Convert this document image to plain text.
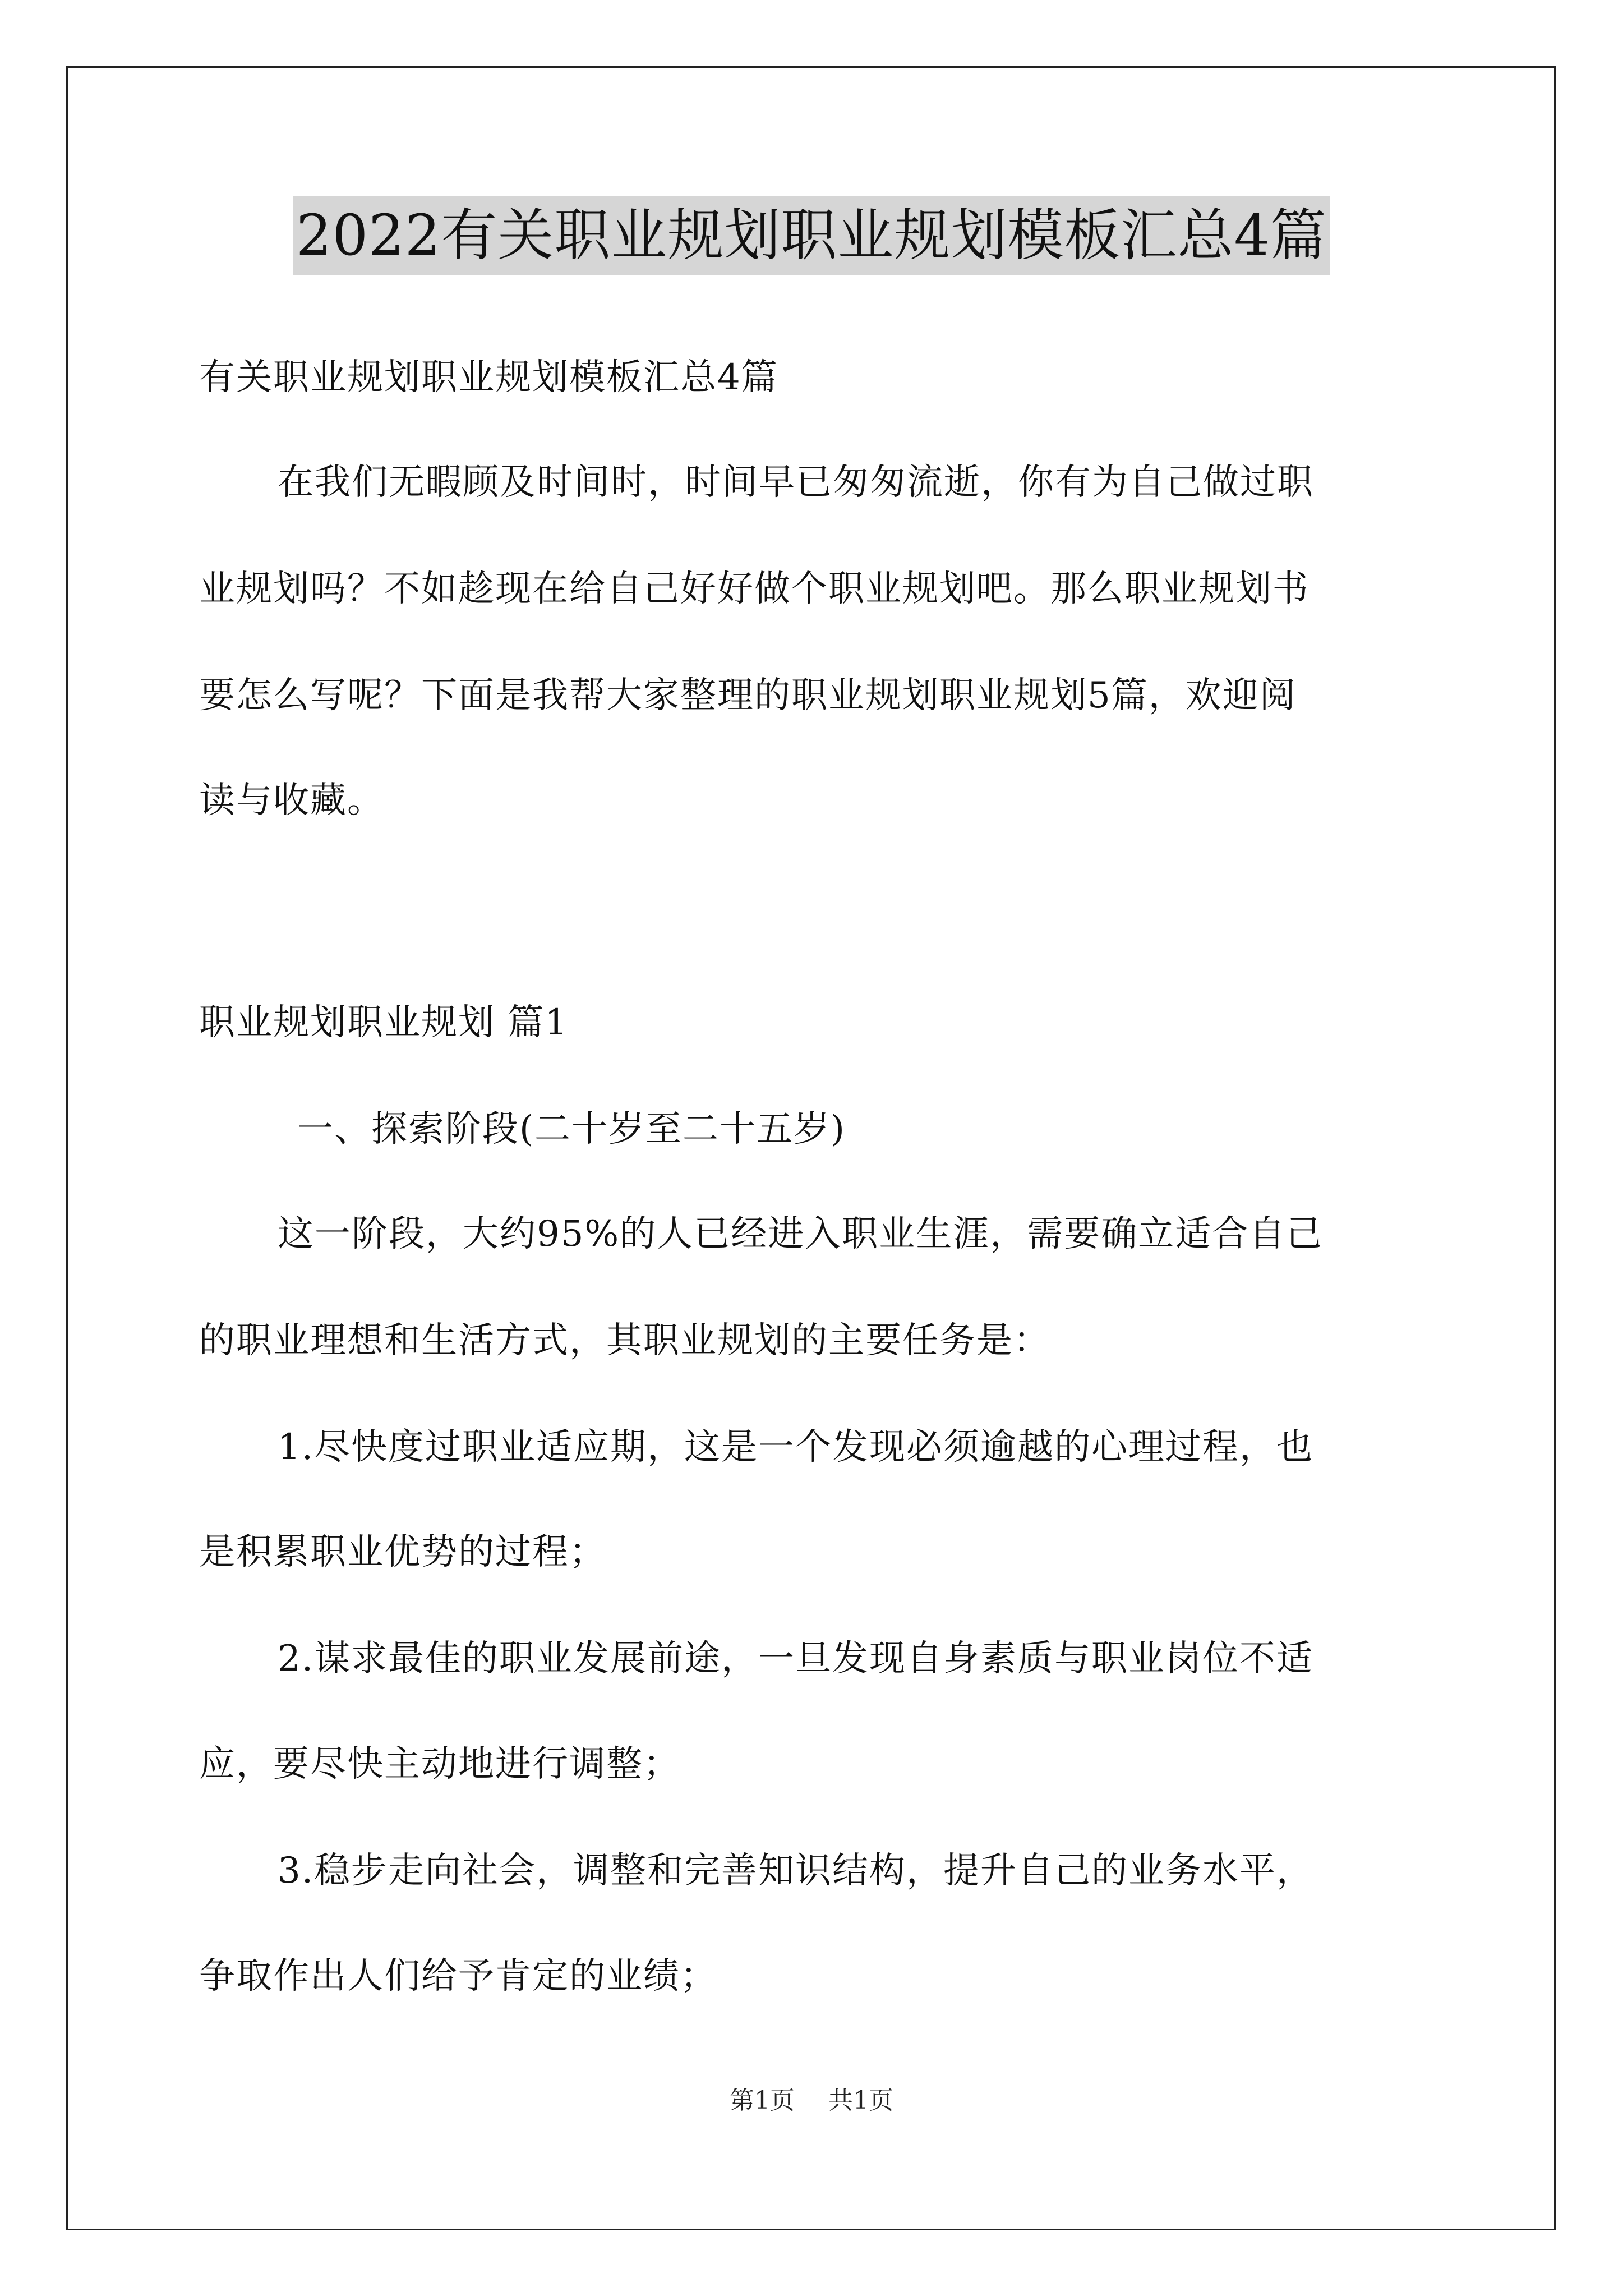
2022有关职业规划职业规划模板汇总4篇
有关职业规划职业规划模板汇总4篇
在我们无暇顾及时间时，时间早已匆匆流逝，你有为自己做过职
业规划吗？不如趁现在给自己好好做个职业规划吧。那么职业规划书
要怎么写呢？下面是我帮大家整理的职业规划职业规划5篇，欢迎阅
读与收藏。
职业规划职业规划 篇1
一、探索阶段(二十岁至二十五岁)
这一阶段，大约95%的人已经进入职业生涯，需要确立适合自己
的职业理想和生活方式，其职业规划的主要任务是：
1.尽快度过职业适应期，这是一个发现必须逾越的心理过程，也
是积累职业优势的过程；
2.谋求最佳的职业发展前途，一旦发现自身素质与职业岗位不适
应，要尽快主动地进行调整；
3.稳步走向社会，调整和完善知识结构，提升自己的业务水平，
争取作出人们给予肯定的业绩；
第1页 共1页
